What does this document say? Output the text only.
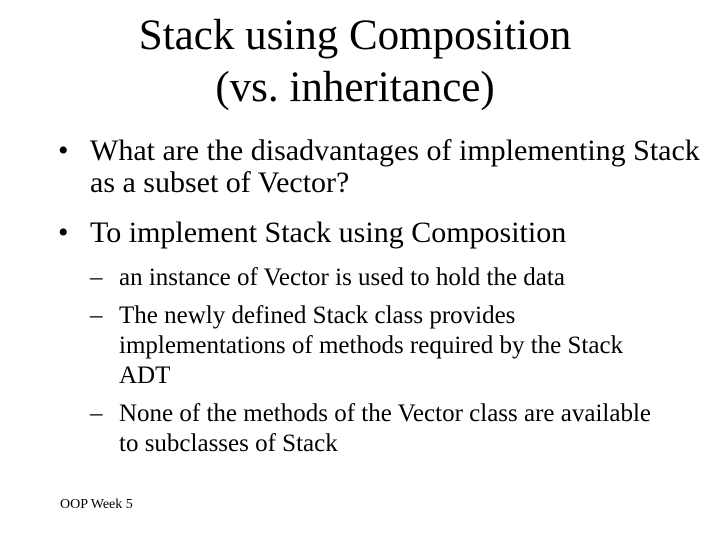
Stack using Composition
(vs. inheritance)
• What are the disadvantages of implementing Stack as a subset of Vector?
• To implement Stack using Composition
– an instance of Vector is used to hold the data
– The newly defined Stack class provides implementations of methods required by the Stack ADT
– None of the methods of the Vector class are available to subclasses of Stack
OOP Week 5
